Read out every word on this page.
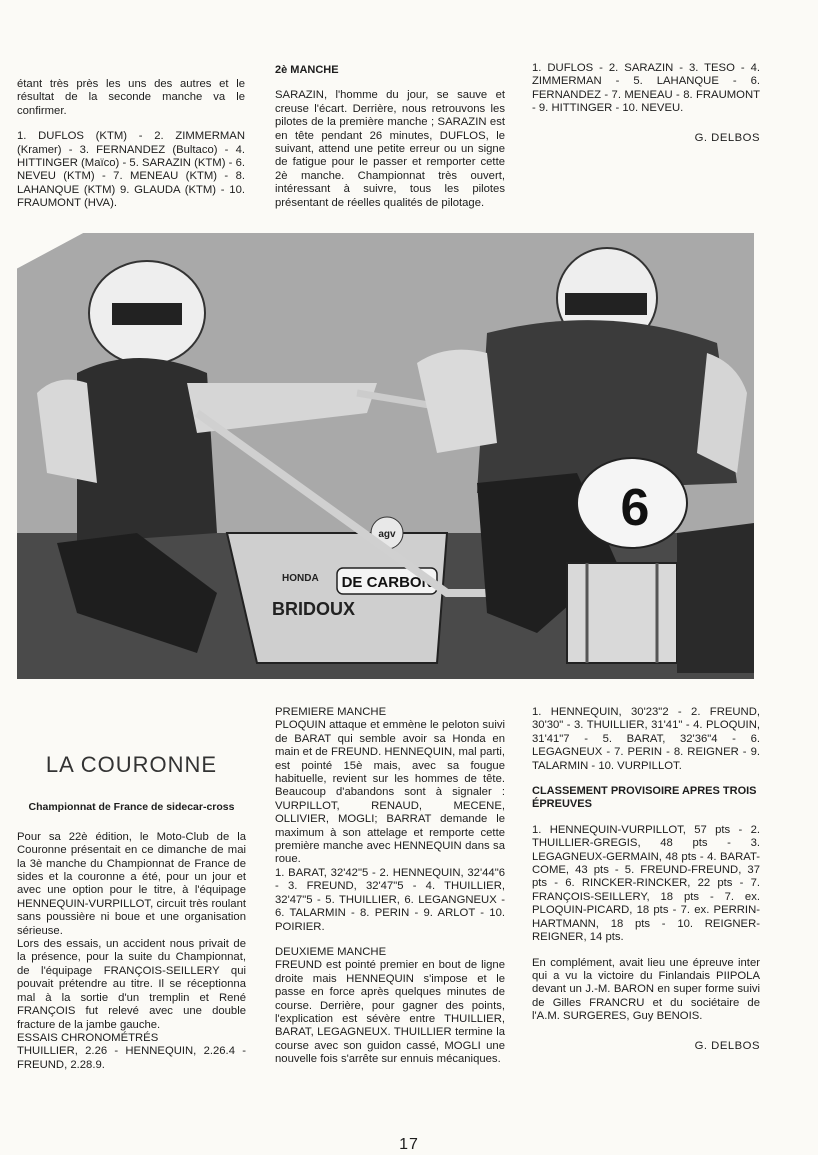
étant très près les uns des autres et le résultat de la seconde manche va le confirmer.

1. DUFLOS (KTM) - 2. ZIMMERMAN (Kramer) - 3. FERNANDEZ (Bultaco) - 4. HITTINGER (Maïco) - 5. SARAZIN (KTM) - 6. NEVEU (KTM) - 7. MENEAU (KTM) - 8. LAHANQUE (KTM) 9. GLAUDA (KTM) - 10. FRAUMONT (HVA).

2è MANCHE

SARAZIN, l'homme du jour, se sauve et creuse l'écart. Derrière, nous retrouvons les pilotes de la première manche ; SARAZIN est en tête pendant 26 minutes, DUFLOS, le suivant, attend une petite erreur ou un signe de fatigue pour le passer et remporter cette 2è manche. Championnat très ouvert, intéressant à suivre, tous les pilotes présentant de réelles qualités de pilotage.

1. DUFLOS - 2. SARAZIN - 3. TESO - 4. ZIMMERMAN - 5. LAHANQUE - 6. FERNANDEZ - 7. MENEAU - 8. FRAUMONT - 9. HITTINGER - 10. NEVEU.

G. DELBOS

DE CARBON
BRIDOUX
HONDA
agv	6

LA COURONNE

Championnat de France de sidecar-cross

Pour sa 22è édition, le Moto-Club de la Couronne présentait en ce dimanche de mai la 3è manche du Championnat de France de sides et la couronne a été, pour un jour et avec une option pour le titre, à l'équipage HENNEQUIN-VURPILLOT, circuit très roulant sans poussière ni boue et une organisation sérieuse.

Lors des essais, un accident nous privait de la présence, pour la suite du Championnat, de l'équipage FRANÇOIS-SEILLERY qui pouvait prétendre au titre. Il se réceptionna mal à la sortie d'un tremplin et René FRANÇOIS fut relevé avec une double fracture de la jambe gauche.

ESSAIS CHRONOMÉTRÉS

THUILLIER, 2.26 - HENNEQUIN, 2.26.4 - FREUND, 2.28.9.

PREMIERE MANCHE

PLOQUIN attaque et emmène le peloton suivi de BARAT qui semble avoir sa Honda en main et de FREUND. HENNEQUIN, mal parti, est pointé 15è mais, avec sa fougue habituelle, revient sur les hommes de tête. Beaucoup d'abandons sont à signaler : VURPILLOT, RENAUD, MECENE, OLLIVIER, MOGLI; BARRAT demande le maximum à son attelage et remporte cette première manche avec HENNEQUIN dans sa roue.

1. BARAT, 32'42"5 - 2. HENNEQUIN, 32'44"6 - 3. FREUND, 32'47"5 - 4. THUILLIER, 32'47"5 - 5. THUILLIER, 6. LEGANGNEUX - 6. TALARMIN - 8. PERIN - 9. ARLOT - 10. POIRIER.

DEUXIEME MANCHE

FREUND est pointé premier en bout de ligne droite mais HENNEQUIN s'impose et le passe en force après quelques minutes de course. Derrière, pour gagner des points, l'explication est sévère entre THUILLIER, BARAT, LEGAGNEUX. THUILLIER termine la course avec son guidon cassé, MOGLI une nouvelle fois s'arrête sur ennuis mécaniques.

1. HENNEQUIN, 30'23"2 - 2. FREUND, 30'30" - 3. THUILLIER, 31'41" - 4. PLOQUIN, 31'41"7 - 5. BARAT, 32'36"4 - 6. LEGAGNEUX - 7. PERIN - 8. REIGNER - 9. TALARMIN - 10. VURPILLOT.

CLASSEMENT PROVISOIRE APRES TROIS ÉPREUVES

1. HENNEQUIN-VURPILLOT, 57 pts - 2. THUILLIER-GREGIS, 48 pts - 3. LEGAGNEUX-GERMAIN, 48 pts - 4. BARAT-COME, 43 pts - 5. FREUND-FREUND, 37 pts - 6. RINCKER-RINCKER, 22 pts - 7. FRANÇOIS-SEILLERY, 18 pts - 7. ex. PLOQUIN-PICARD, 18 pts - 7. ex. PERRIN-HARTMANN, 18 pts - 10. REIGNER-REIGNER, 14 pts.

En complément, avait lieu une épreuve inter qui a vu la victoire du Finlandais PIIPOLA devant un J.-M. BARON en super forme suivi de Gilles FRANCRU et du sociétaire de l'A.M. SURGERES, Guy BENOIS.

G. DELBOS

17
